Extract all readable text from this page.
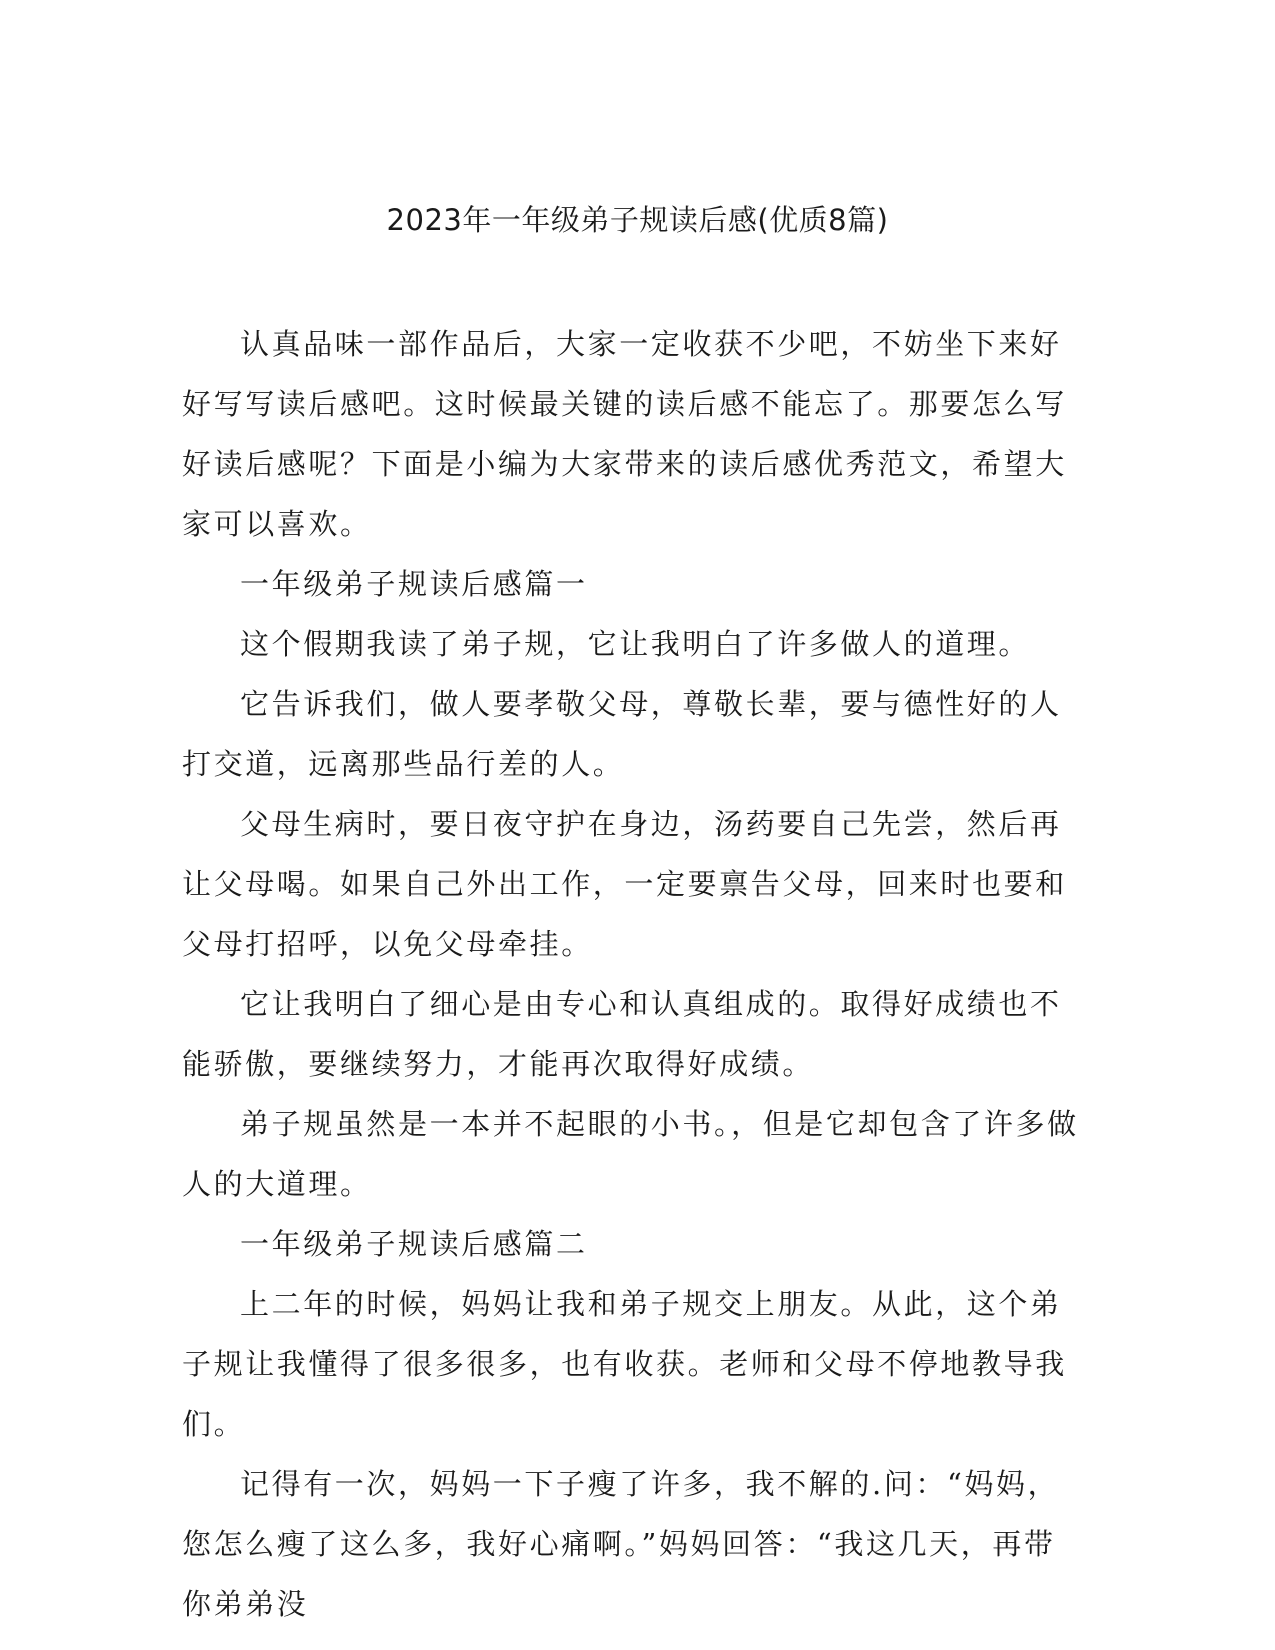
2023年一年级弟子规读后感(优质8篇)

认真品味一部作品后，大家一定收获不少吧，不妨坐下来好好写写读后感吧。这时候最关键的读后感不能忘了。那要怎么写好读后感呢？下面是小编为大家带来的读后感优秀范文，希望大家可以喜欢。

一年级弟子规读后感篇一

这个假期我读了弟子规，它让我明白了许多做人的道理。

它告诉我们，做人要孝敬父母，尊敬长辈，要与德性好的人打交道，远离那些品行差的人。

父母生病时，要日夜守护在身边，汤药要自己先尝，然后再让父母喝。如果自己外出工作，一定要禀告父母，回来时也要和父母打招呼，以免父母牵挂。

它让我明白了细心是由专心和认真组成的。取得好成绩也不能骄傲，要继续努力，才能再次取得好成绩。

弟子规虽然是一本并不起眼的小书。，但是它却包含了许多做人的大道理。

一年级弟子规读后感篇二

上二年的时候，妈妈让我和弟子规交上朋友。从此，这个弟子规让我懂得了很多很多，也有收获。老师和父母不停地教导我们。

记得有一次，妈妈一下子瘦了许多，我不解的.问：“妈妈，您怎么瘦了这么多，我好心痛啊。”妈妈回答：“我这几天，再带你弟弟没
